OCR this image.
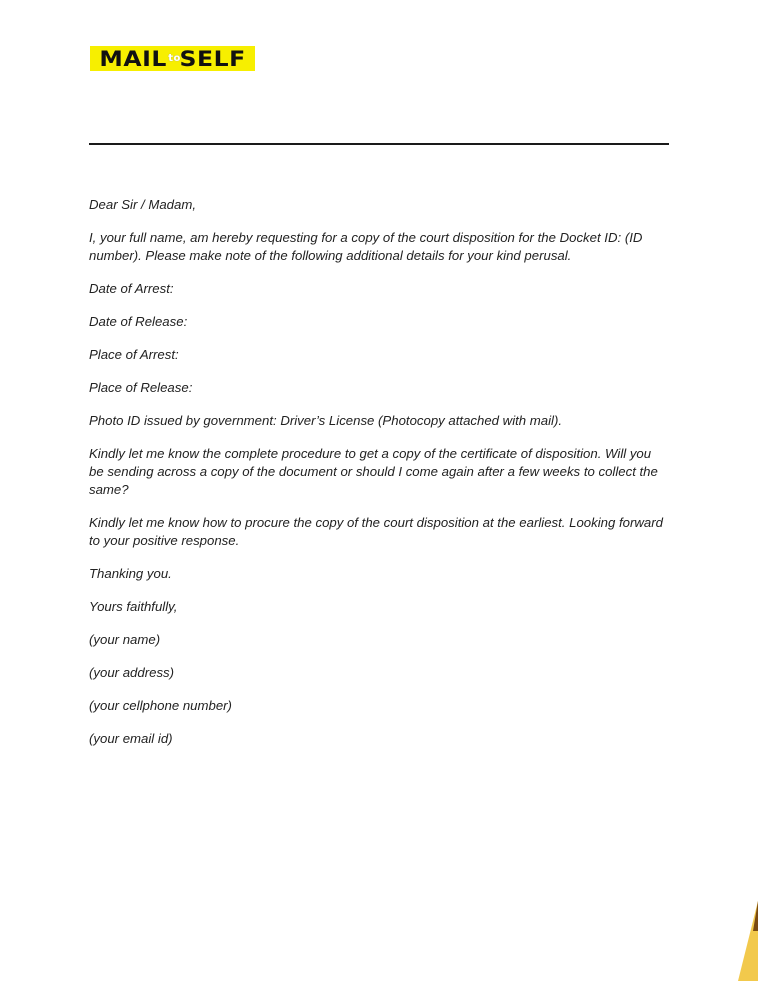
MAIL to
SELF

Dear Sir / Madam,

I, your full name, am hereby requesting for a copy of the court disposition for the Docket ID: (ID number). Please make note of the following additional details for your kind perusal.

Date of Arrest:

Date of Release:

Place of Arrest:

Place of Release:

Photo ID issued by government: Driver’s License (Photocopy attached with mail).

Kindly let me know the complete procedure to get a copy of the certificate of disposition. Will you be sending across a copy of the document or should I come again after a few weeks to collect the same?

Kindly let me know how to procure the copy of the court disposition at the earliest. Looking forward to your positive response.

Thanking you.

Yours faithfully,

(your name)

(your address)

(your cellphone number)

(your email id)
